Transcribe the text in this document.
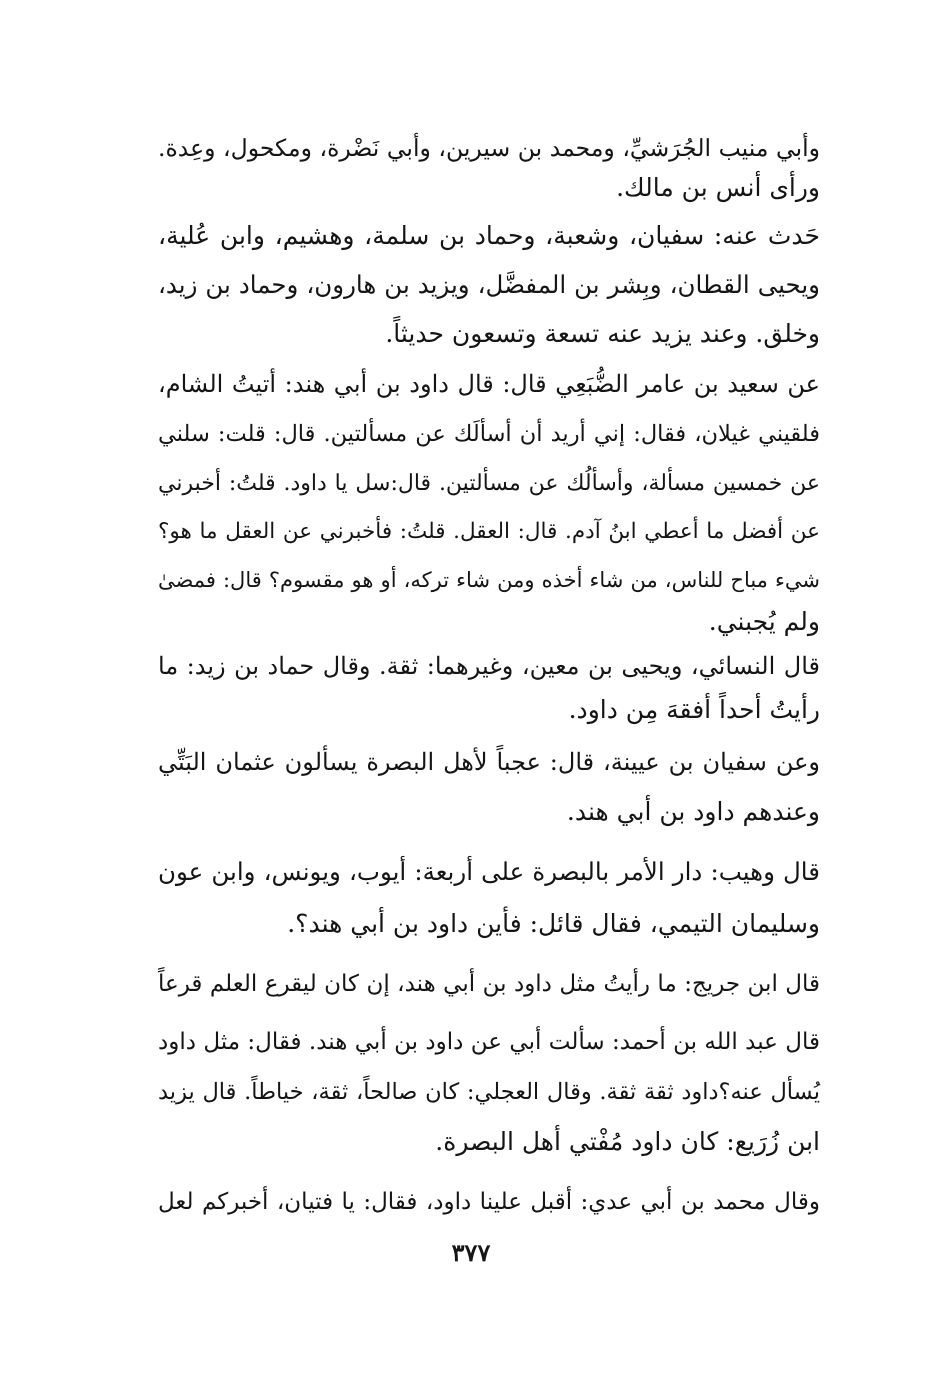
وأبي منيب الجُرَشيِّ، ومحمد بن سيرين، وأبي نَضْرة، ومكحول، وعِدة.
ورأى أنس بن مالك.
حَدث عنه: سفيان، وشعبة، وحماد بن سلمة، وهشيم، وابن عُلية،
ويحيى القطان، وبِشر بن المفضَّل، ويزيد بن هارون، وحماد بن زيد،
وخلق. وعند يزيد عنه تسعة وتسعون حديثاً.
عن سعيد بن عامر الضُّبَعِي قال: قال داود بن أبي هند: أتيتُ الشام،
فلقيني غيلان، فقال: إني أريد أن أسألَك عن مسألتين. قال: قلت: سلني
عن خمسين مسألة، وأسألُك عن مسألتين. قال:سل يا داود. قلتُ: أخبرني
عن أفضل ما أعطي ابنُ آدم. قال: العقل. قلتُ: فأخبرني عن العقل ما هو؟
شيء مباح للناس، من شاء أخذه ومن شاء تركه، أو هو مقسوم؟ قال: فمضىٰ
ولم يُجبني.
قال النسائي، ويحيى بن معين، وغيرهما: ثقة. وقال حماد بن زيد: ما
رأيتُ أحداً أفقهَ مِن داود.
وعن سفيان بن عيينة، قال: عجباً لأهل البصرة يسألون عثمان البَتِّي
وعندهم داود بن أبي هند.
قال وهيب: دار الأمر بالبصرة على أربعة: أيوب، ويونس، وابن عون
وسليمان التيمي، فقال قائل: فأين داود بن أبي هند؟.
قال ابن جريج: ما رأيتُ مثل داود بن أبي هند، إن كان ليقرع العلم قرعاً
قال عبد الله بن أحمد: سألت أبي عن داود بن أبي هند. فقال: مثل داود
يُسأل عنه؟داود ثقة ثقة. وقال العجلي: كان صالحاً، ثقة، خياطاً. قال يزيد
ابن زُرَيع: كان داود مُفْتي أهل البصرة.
وقال محمد بن أبي عدي: أقبل علينا داود، فقال: يا فتيان، أخبركم لعل
٣٧٧
